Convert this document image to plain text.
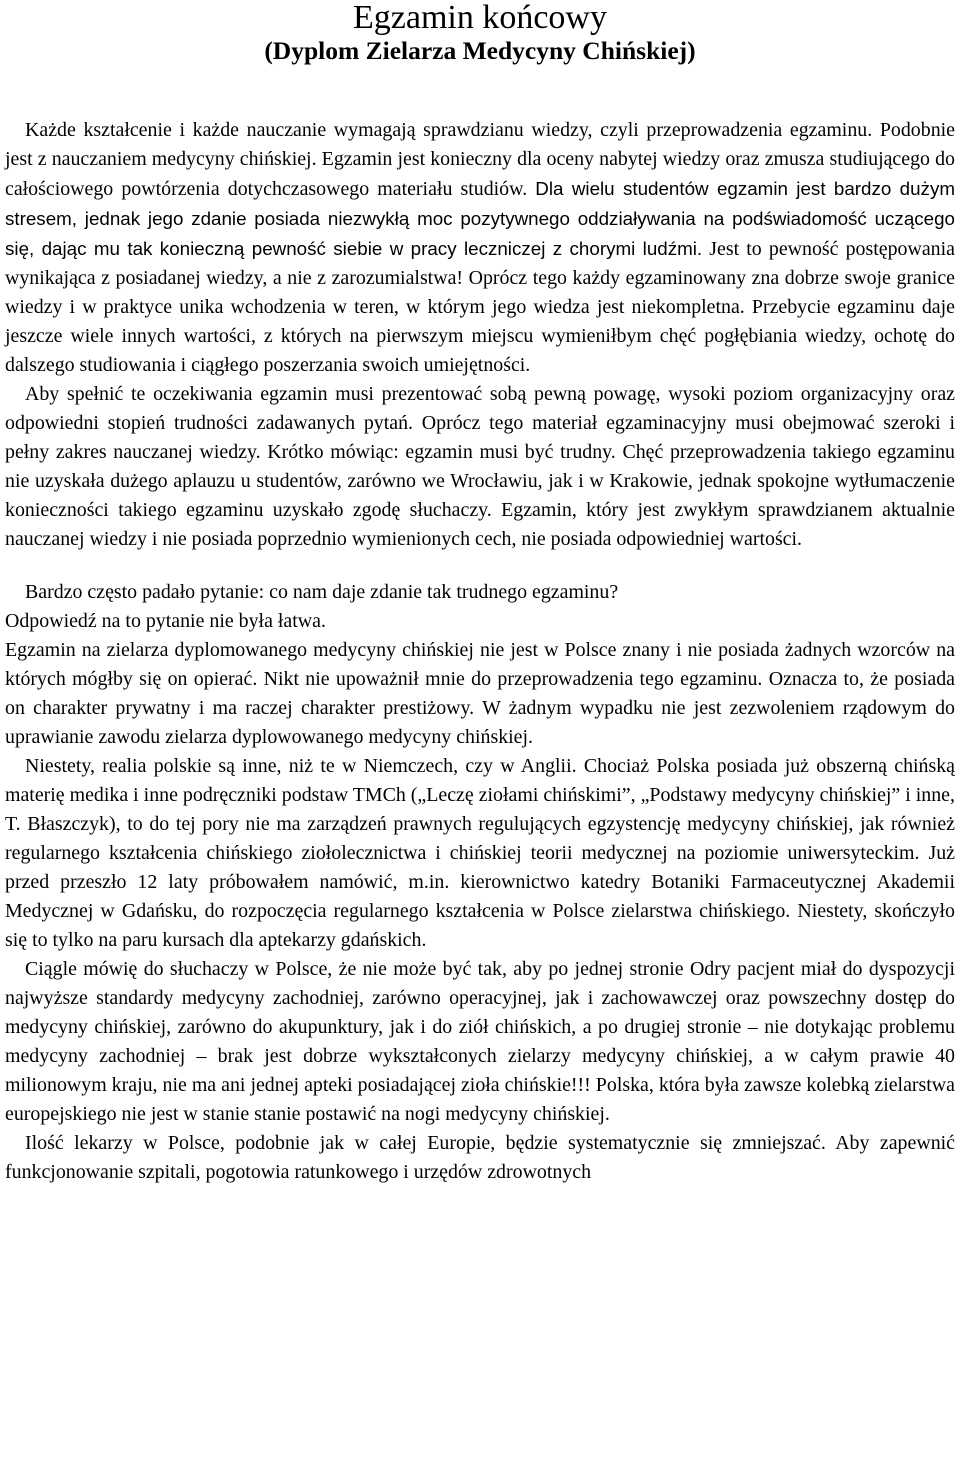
Egzamin końcowy
(Dyplom Zielarza Medycyny Chińskiej)

Każde kształcenie i każde nauczanie wymagają sprawdzianu wiedzy, czyli przeprowadzenia egzaminu. Podobnie jest z nauczaniem medycyny chińskiej. Egzamin jest konieczny dla oceny nabytej wiedzy oraz zmusza studiującego do całościowego powtórzenia dotychczasowego materiału studiów. Dla wielu studentów egzamin jest bardzo dużym stresem, jednak jego zdanie posiada niezwykłą moc pozytywnego oddziaływania na podświadomość uczącego się, dając mu tak konieczną pewność siebie w pracy leczniczej z chorymi ludźmi. Jest to pewność postępowania wynikająca z posiadanej wiedzy, a nie z zarozumialstwa! Oprócz tego każdy egzaminowany zna dobrze swoje granice wiedzy i w praktyce unika wchodzenia w teren, w którym jego wiedza jest niekompletna. Przebycie egzaminu daje jeszcze wiele innych wartości, z których na pierwszym miejscu wymieniłbym chęć pogłębiania wiedzy, ochotę do dalszego studiowania i ciągłego poszerzania swoich umiejętności.

Aby spełnić te oczekiwania egzamin musi prezentować sobą pewną powagę, wysoki poziom organizacyjny oraz odpowiedni stopień trudności zadawanych pytań. Oprócz tego materiał egzaminacyjny musi obejmować szeroki i pełny zakres nauczanej wiedzy. Krótko mówiąc: egzamin musi być trudny. Chęć przeprowadzenia takiego egzaminu nie uzyskała dużego aplauzu u studentów, zarówno we Wrocławiu, jak i w Krakowie, jednak spokojne wytłumaczenie konieczności takiego egzaminu uzyskało zgodę słuchaczy. Egzamin, który jest zwykłym sprawdzianem aktualnie nauczanej wiedzy i nie posiada poprzednio wymienionych cech, nie posiada odpowiedniej wartości.

Bardzo często padało pytanie: co nam daje zdanie tak trudnego egzaminu?

Odpowiedź na to pytanie nie była łatwa.

Egzamin na zielarza dyplomowanego medycyny chińskiej nie jest w Polsce znany i nie posiada żadnych wzorców na których mógłby się on opierać. Nikt nie upoważnił mnie do przeprowadzenia tego egzaminu. Oznacza to, że posiada on charakter prywatny i ma raczej charakter prestiżowy. W żadnym wypadku nie jest zezwoleniem rządowym do uprawianie zawodu zielarza dyplowowanego medycyny chińskiej.

Niestety, realia polskie są inne, niż te w Niemczech, czy w Anglii. Chociaż Polska posiada już obszerną chińską materię medika i inne podręczniki podstaw TMCh („Leczę ziołami chińskimi”, „Podstawy medycyny chińskiej” i inne, T. Błaszczyk), to do tej pory nie ma zarządzeń prawnych regulujących egzystencję medycyny chińskiej, jak również regularnego kształcenia chińskiego ziołolecznictwa i chińskiej teorii medycznej na poziomie uniwersyteckim. Już przed przeszło 12 laty próbowałem namówić, m.in. kierownictwo katedry Botaniki Farmaceutycznej Akademii Medycznej w Gdańsku, do rozpoczęcia regularnego kształcenia w Polsce zielarstwa chińskiego. Niestety, skończyło się to tylko na paru kursach dla aptekarzy gdańskich.

Ciągle mówię do słuchaczy w Polsce, że nie może być tak, aby po jednej stronie Odry pacjent miał do dyspozycji najwyższe standardy medycyny zachodniej, zarówno operacyjnej, jak i zachowawczej oraz powszechny dostęp do medycyny chińskiej, zarówno do akupunktury, jak i do ziół chińskich, a po drugiej stronie – nie dotykając problemu medycyny zachodniej – brak jest dobrze wykształconych zielarzy medycyny chińskiej, a w całym prawie 40 milionowym kraju, nie ma ani jednej apteki posiadającej zioła chińskie!!! Polska, która była zawsze kolebką zielarstwa europejskiego nie jest w stanie stanie postawić na nogi medycyny chińskiej.

Ilość lekarzy w Polsce, podobnie jak w całej Europie, będzie systematycznie się zmniejszać. Aby zapewnić funkcjonowanie szpitali, pogotowia ratunkowego i urzędów zdrowotnych
